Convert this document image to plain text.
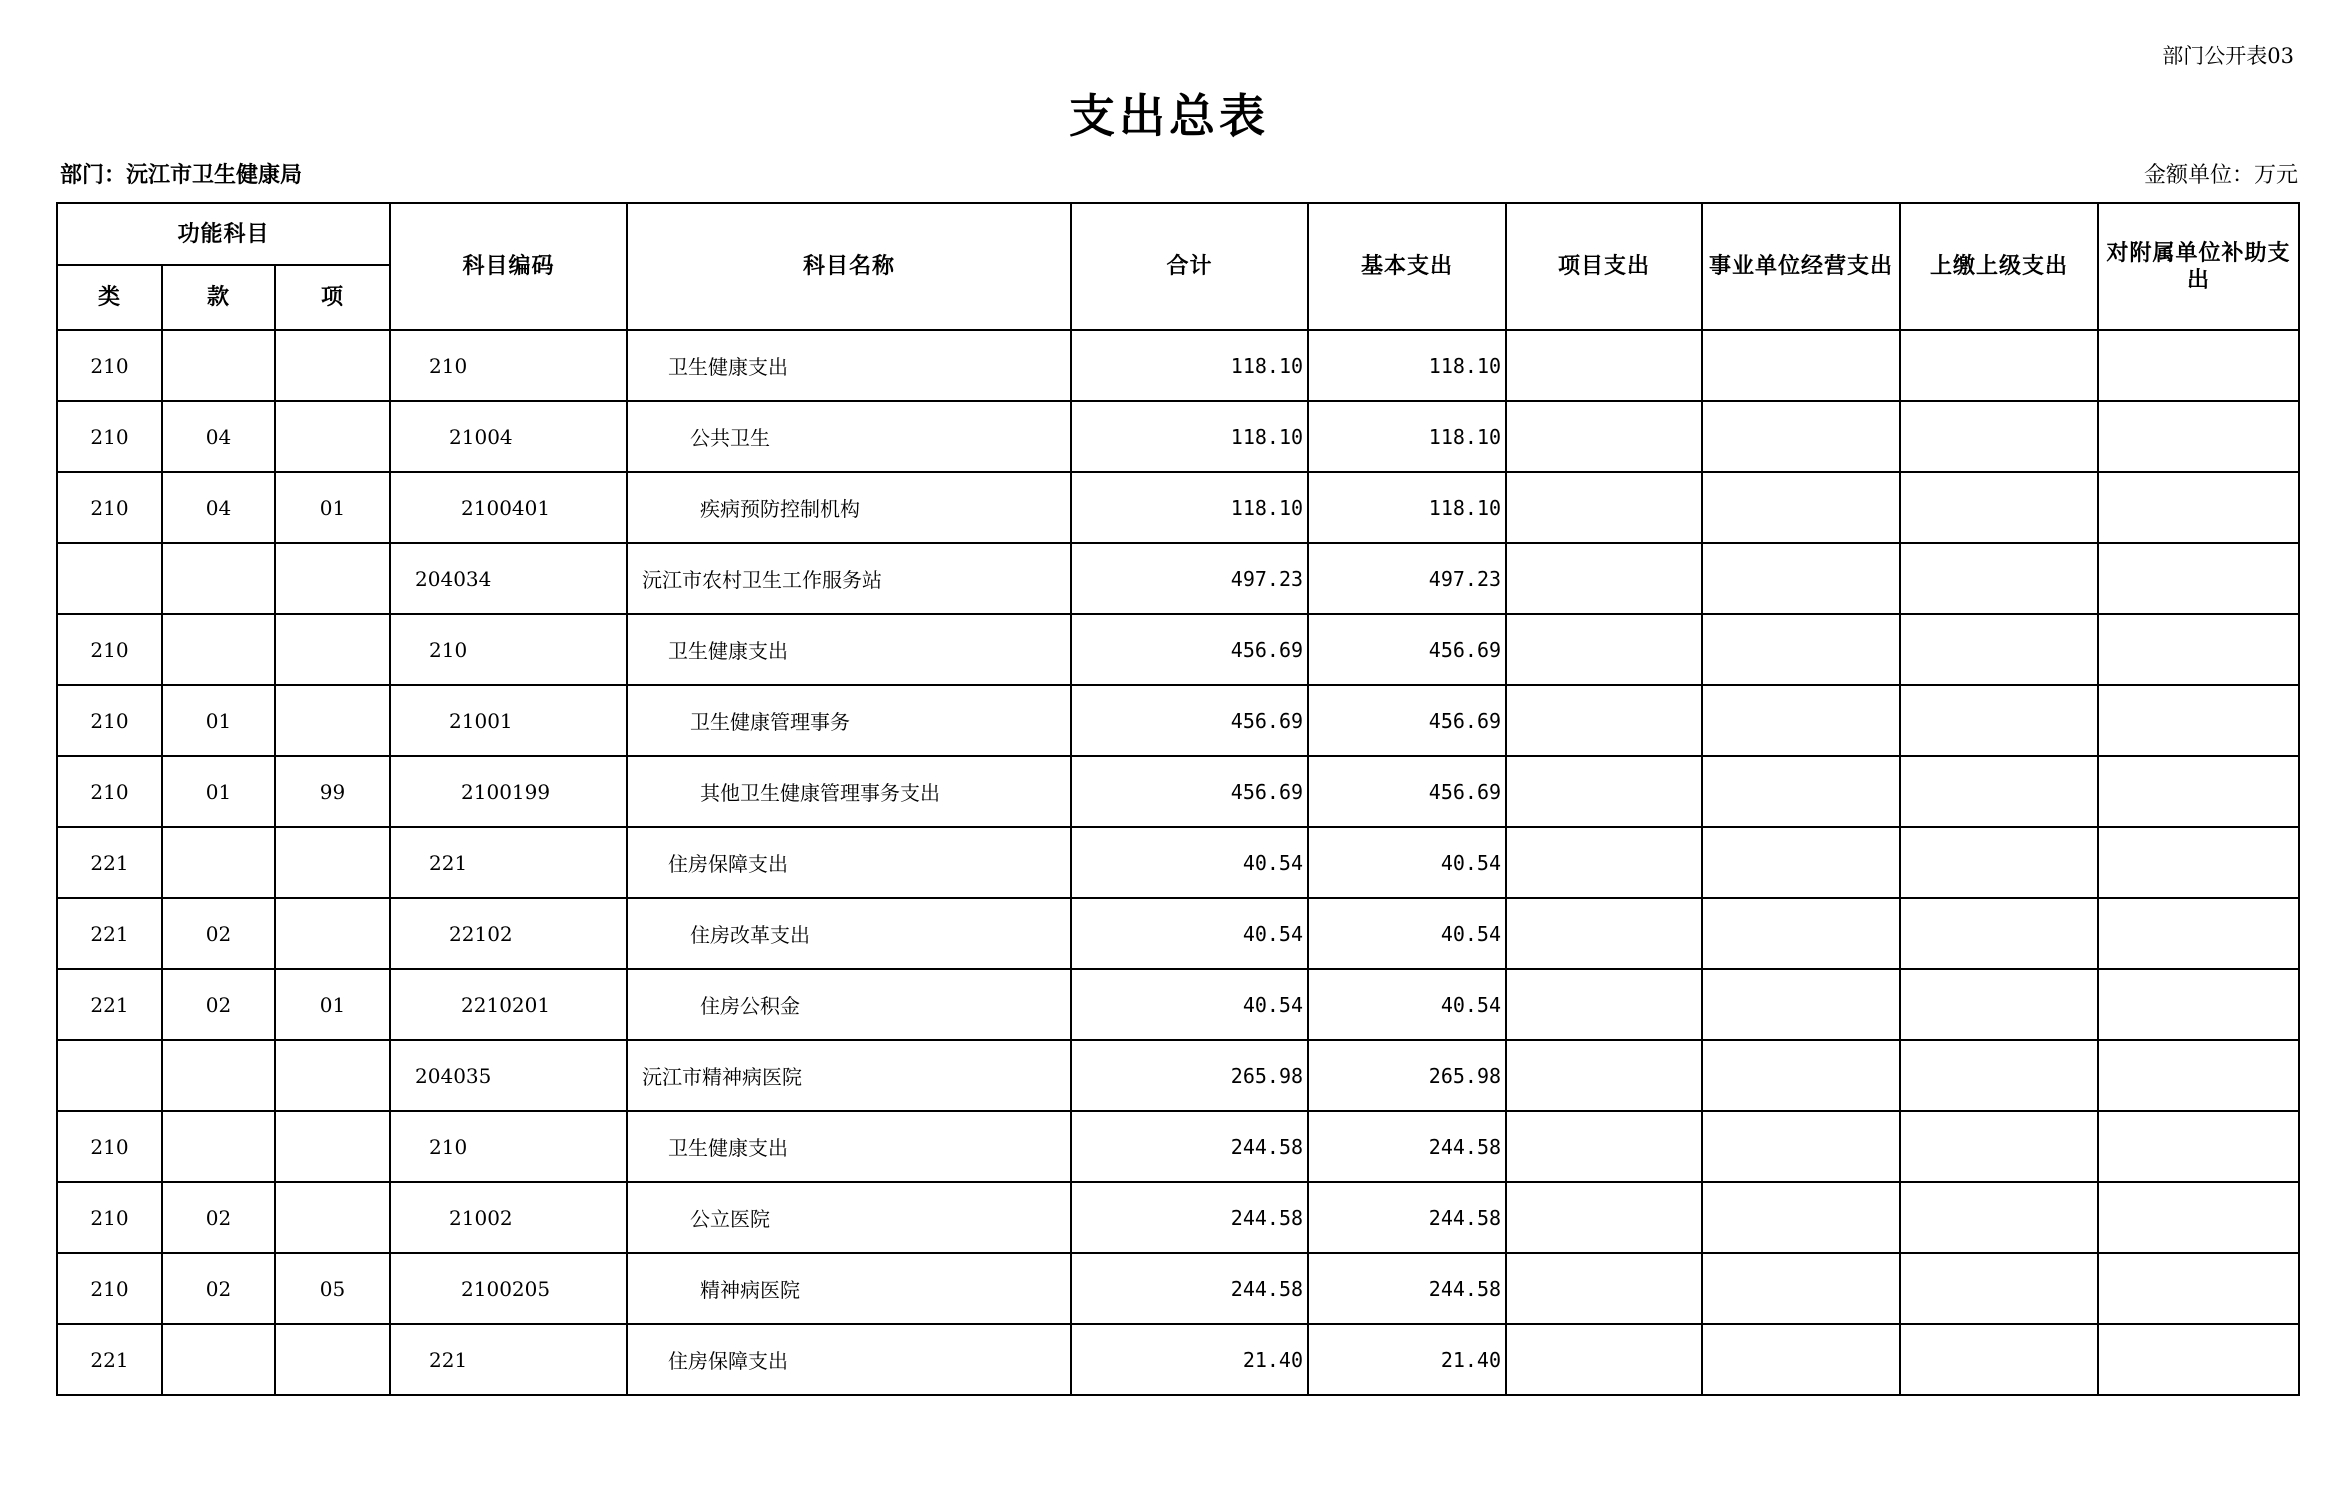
部门公开表03
支出总表
部门：沅江市卫生健康局	金额单位：万元
功能科目			科目编码	科目名称	合计	基本支出	项目支出	事业单位经营支出	上缴上级支出	对附属单位补助支出
类	款	项								
210			210	卫生健康支出	118.10	118.10				
210	04		21004	公共卫生	118.10	118.10				
210	04	01	2100401	疾病预防控制机构	118.10	118.10				
			204034	沅江市农村卫生工作服务站	497.23	497.23				
210			210	卫生健康支出	456.69	456.69				
210	01		21001	卫生健康管理事务	456.69	456.69				
210	01	99	2100199	其他卫生健康管理事务支出	456.69	456.69				
221			221	住房保障支出	40.54	40.54				
221	02		22102	住房改革支出	40.54	40.54				
221	02	01	2210201	住房公积金	40.54	40.54				
			204035	沅江市精神病医院	265.98	265.98				
210			210	卫生健康支出	244.58	244.58				
210	02		21002	公立医院	244.58	244.58				
210	02	05	2100205	精神病医院	244.58	244.58				
221			221	住房保障支出	21.40	21.40				
